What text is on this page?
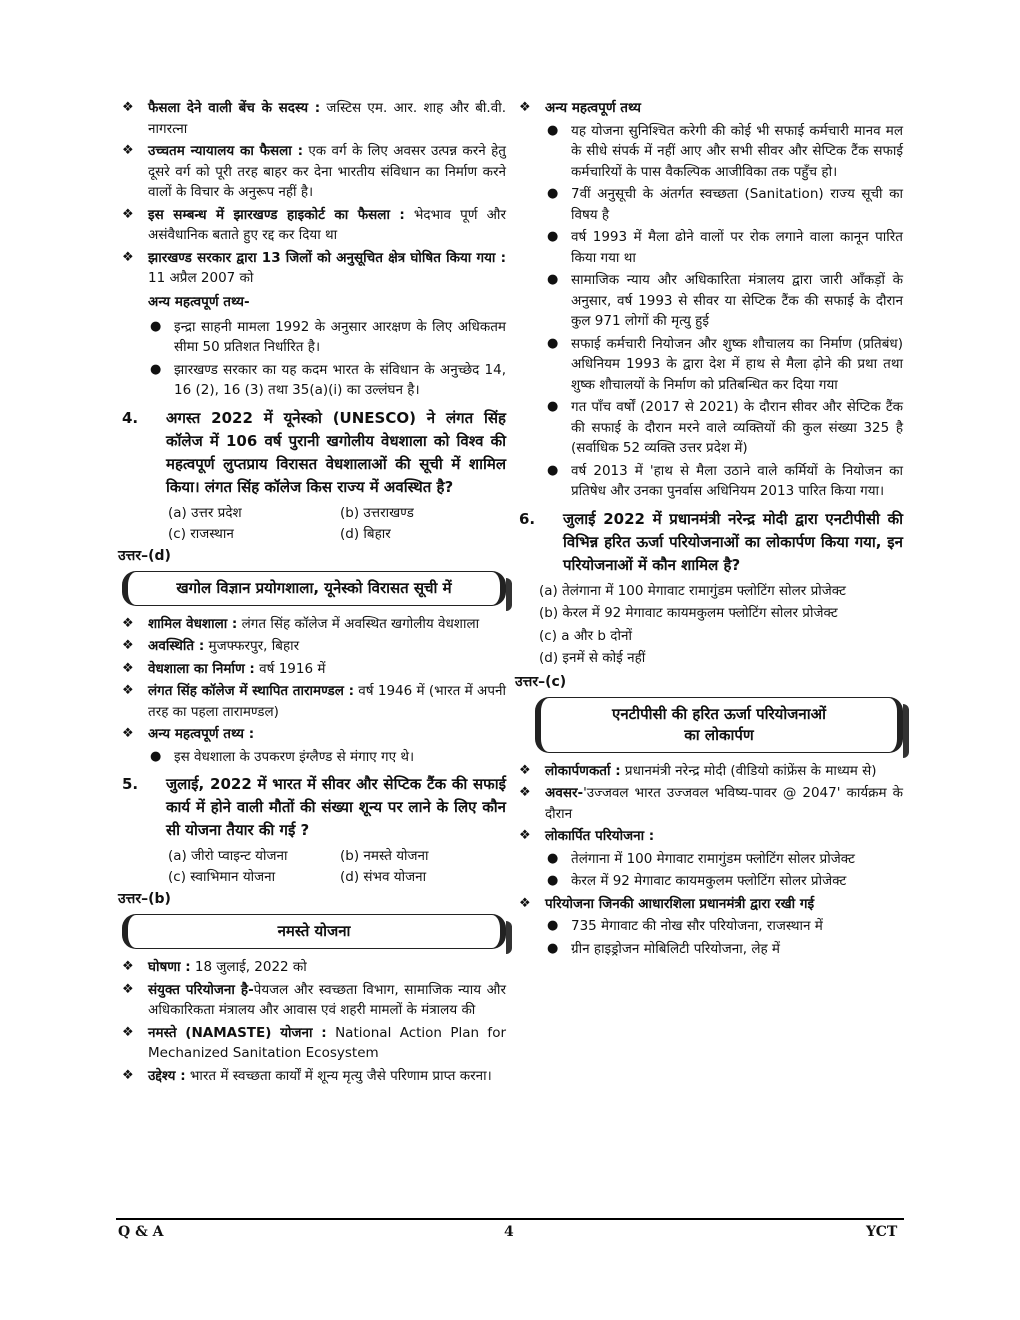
❖ फैसला देने वाली बेंच के सदस्य : जस्टिस एम. आर. शाह और बी.वी. नागरत्ना

❖ उच्चतम न्यायालय का फैसला : एक वर्ग के लिए अवसर उत्पन्न करने हेतु दूसरे वर्ग को पूरी तरह बाहर कर देना भारतीय संविधान का निर्माण करने वालों के विचार के अनुरूप नहीं है।

❖ इस सम्बन्ध में झारखण्ड हाइकोर्ट का फैसला : भेदभाव पूर्ण और असंवैधानिक बताते हुए रद्द कर दिया था

❖ झारखण्ड सरकार द्वारा 13 जिलों को अनुसूचित क्षेत्र घोषित किया गया : 11 अप्रैल 2007 को

अन्य महत्वपूर्ण तथ्य-

● इन्द्रा साहनी मामला 1992 के अनुसार आरक्षण के लिए अधिकतम सीमा 50 प्रतिशत निर्धारित है।

● झारखण्ड सरकार का यह कदम भारत के संविधान के अनुच्छेद 14, 16 (2), 16 (3) तथा 35(a)(i) का उल्लंघन है।

4. अगस्त 2022 में यूनेस्को (UNESCO) ने लंगत सिंह कॉलेज में 106 वर्ष पुरानी खगोलीय वेधशाला को विश्व की महत्वपूर्ण लुप्तप्राय विरासत वेधशालाओं की सूची में शामिल किया। लंगत सिंह कॉलेज किस राज्य में अवस्थित है?
(a) उत्तर प्रदेश	(b) उत्तराखण्ड
(c) राजस्थान	(d) बिहार
उत्तर–(d)
खगोल विज्ञान प्रयोगशाला, यूनेस्को विरासत सूची में

❖ शामिल वेधशाला : लंगत सिंह कॉलेज में अवस्थित खगोलीय वेधशाला

❖ अवस्थिति : मुजफ्फरपुर, बिहार

❖ वेधशाला का निर्माण : वर्ष 1916 में

❖ लंगत सिंह कॉलेज में स्थापित तारामण्डल : वर्ष 1946 में (भारत में अपनी तरह का पहला तारामण्डल)

❖ अन्य महत्वपूर्ण तथ्य :

● इस वेधशाला के उपकरण इंग्लैण्ड से मंगाए गए थे।

5. जुलाई, 2022 में भारत में सीवर और सेप्टिक टैंक की सफाई कार्य में होने वाली मौतों की संख्या शून्य पर लाने के लिए कौन सी योजना तैयार की गई ?
(a) जीरो प्वाइन्ट योजना	(b) नमस्ते योजना
(c) स्वाभिमान योजना	(d) संभव योजना
उत्तर–(b)
नमस्ते योजना

❖ घोषणा : 18 जुलाई, 2022 को

❖ संयुक्त परियोजना है-पेयजल और स्वच्छता विभाग, सामाजिक न्याय और अधिकारिकता मंत्रालय और आवास एवं शहरी मामलों के मंत्रालय की

❖ नमस्ते (NAMASTE) योजना : National Action Plan for Mechanized Sanitation Ecosystem

❖ उद्देश्य : भारत में स्वच्छता कार्यों में शून्य मृत्यु जैसे परिणाम प्राप्त करना।

❖ अन्य महत्वपूर्ण तथ्य

● यह योजना सुनिश्चित करेगी की कोई भी सफाई कर्मचारी मानव मल के सीधे संपर्क में नहीं आए और सभी सीवर और सेप्टिक टैंक सफाई कर्मचारियों के पास वैकल्पिक आजीविका तक पहुँच हो।

● 7वीं अनुसूची के अंतर्गत स्वच्छता (Sanitation) राज्य सूची का विषय है

● वर्ष 1993 में मैला ढोने वालों पर रोक लगाने वाला कानून पारित किया गया था

● सामाजिक न्याय और अधिकारिता मंत्रालय द्वारा जारी आँकड़ों के अनुसार, वर्ष 1993 से सीवर या सेप्टिक टैंक की सफाई के दौरान कुल 971 लोगों की मृत्यु हुई

● सफाई कर्मचारी नियोजन और शुष्क शौचालय का निर्माण (प्रतिबंध) अधिनियम 1993 के द्वारा देश में हाथ से मैला ढ़ोने की प्रथा तथा शुष्क शौचालयों के निर्माण को प्रतिबन्धित कर दिया गया

● गत पाँच वर्षों (2017 से 2021) के दौरान सीवर और सेप्टिक टैंक की सफाई के दौरान मरने वाले व्यक्तियों की कुल संख्या 325 है (सर्वाधिक 52 व्यक्ति उत्तर प्रदेश में)

● वर्ष 2013 में 'हाथ से मैला उठाने वाले कर्मियों के नियोजन का प्रतिषेध और उनका पुनर्वास अधिनियम 2013 पारित किया गया।

6. जुलाई 2022 में प्रधानमंत्री नरेन्द्र मोदी द्वारा एनटीपीसी की विभिन्न हरित ऊर्जा परियोजनाओं का लोकार्पण किया गया, इन परियोजनाओं में कौन शामिल है?

(a) तेलंगाना में 100 मेगावाट रामागुंडम फ्लोटिंग सोलर प्रोजेक्ट

(b) केरल में 92 मेगावाट कायमकुलम फ्लोटिंग सोलर प्रोजेक्ट

(c) a और b दोनों

(d) इनमें से कोई नहीं

उत्तर–(c)
एनटीपीसी की हरित ऊर्जा परियोजनाओं
का लोकार्पण

❖ लोकार्पणकर्ता : प्रधानमंत्री नरेन्द्र मोदी (वीडियो कांफ्रेंस के माध्यम से)

❖ अवसर-'उज्जवल भारत उज्जवल भविष्य-पावर @ 2047' कार्यक्रम के दौरान

❖ लोकार्पित परियोजना :

● तेलंगाना में 100 मेगावाट रामागुंडम फ्लोटिंग सोलर प्रोजेक्ट

● केरल में 92 मेगावाट कायमकुलम फ्लोटिंग सोलर प्रोजेक्ट

❖ परियोजना जिनकी आधारशिला प्रधानमंत्री द्वारा रखी गई

● 735 मेगावाट की नोख सौर परियोजना, राजस्थान में

● ग्रीन हाइड्रोजन मोबिलिटी परियोजना, लेह में

Q & A	4	YCT
